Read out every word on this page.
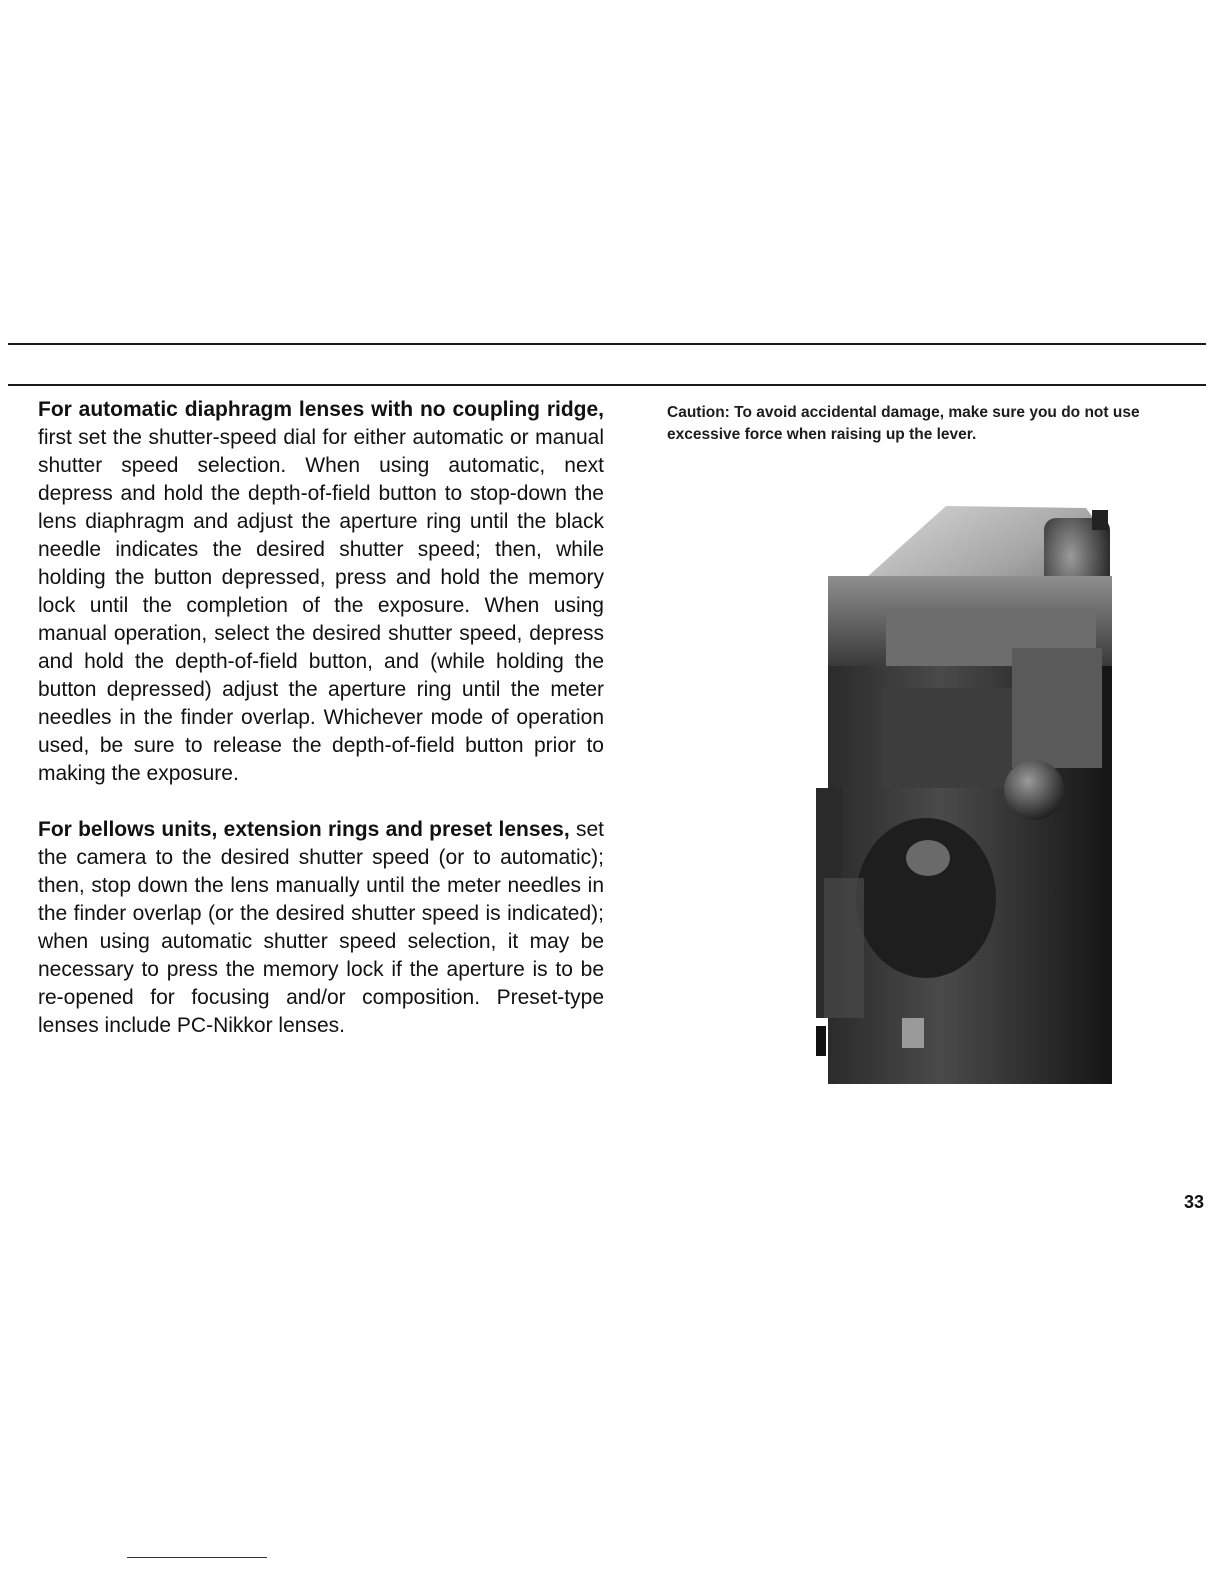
For automatic diaphragm lenses with no coupling ridge, first set the shutter-speed dial for either automatic or manual shutter speed selection. When using automatic, next depress and hold the depth-of-field button to stop-down the lens diaphragm and adjust the aperture ring until the black needle indicates the desired shutter speed; then, while holding the button depressed, press and hold the memory lock until the completion of the exposure. When using manual operation, select the desired shutter speed, depress and hold the depth-of-field button, and (while holding the button depressed) adjust the aperture ring until the meter needles in the finder overlap. Whichever mode of operation used, be sure to release the depth-of-field button prior to making the exposure.

For bellows units, extension rings and preset lenses, set the camera to the desired shutter speed (or to automatic); then, stop down the lens manually until the meter needles in the finder overlap (or the desired shutter speed is indicated); when using automatic shutter speed selection, it may be necessary to press the memory lock if the aperture is to be re-opened for focusing and/or composition. Preset-type lenses include PC-Nikkor lenses.

Caution: To avoid accidental damage, make sure you do not use excessive force when raising up the lever.
33
